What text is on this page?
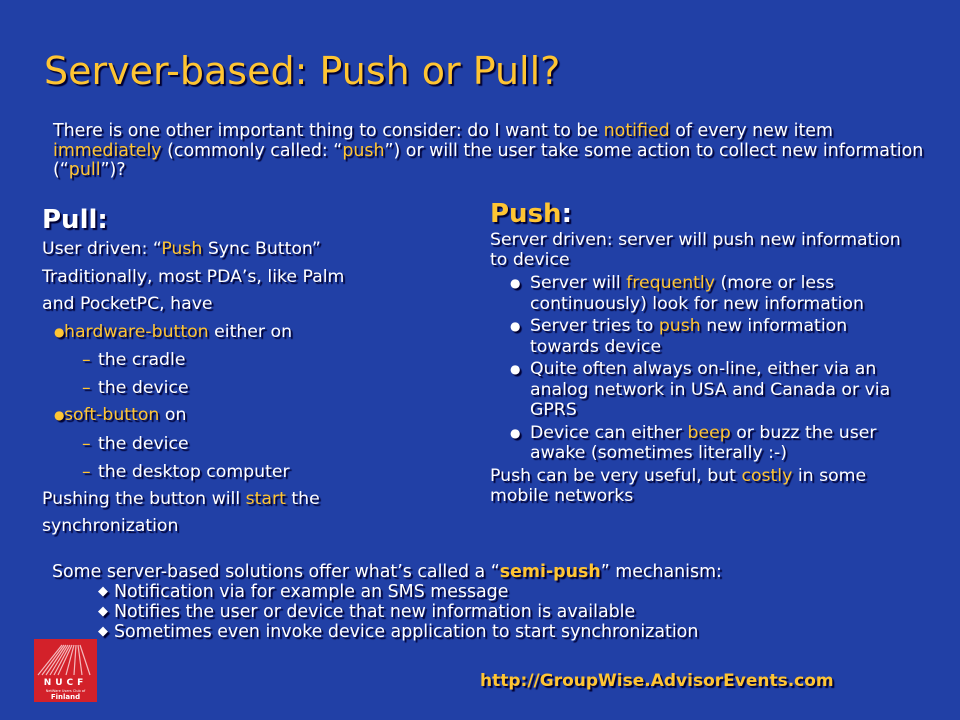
Server-based: Push or Pull?
There is one other important thing to consider: do I want to be notified of every new item immediately (commonly called: “push”) or will the user take some action to collect new information (“pull”)?
Pull:
User driven: “Push Sync Button”
Traditionally, most PDA’s, like Palm
and PocketPC, have
● hardware-button either on
– the cradle
– the device
● soft-button on
– the device
– the desktop computer
Pushing the button will start the
synchronization
Push:
Server driven: server will push new information to device
● Server will frequently (more or less continuously) look for new information
● Server tries to push new information towards device
● Quite often always on-line, either via an analog network in USA and Canada or via GPRS
● Device can either beep or buzz the user awake (sometimes literally :-)
Push can be very useful, but costly in some mobile networks
Some server-based solutions offer what’s called a “semi-push” mechanism:
◆ Notification via for example an SMS message
◆ Notifies the user or device that new information is available
◆ Sometimes even invoke device application to start synchronization
NUCF
NetWare Users Club of
Finland
http://GroupWise.AdvisorEvents.com
